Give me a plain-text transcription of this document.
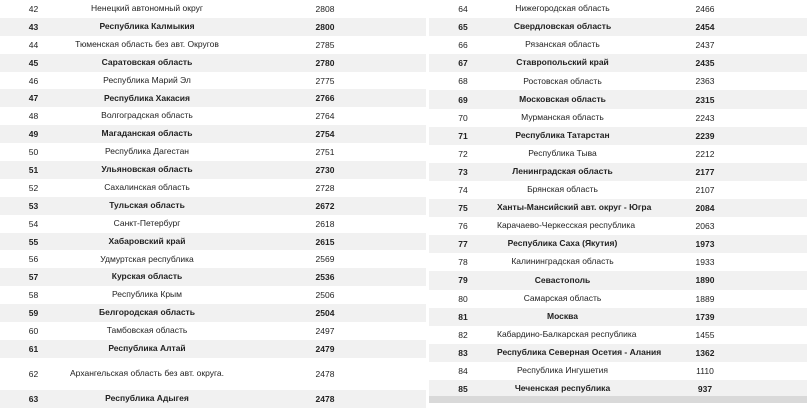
42	Ненецкий автономный округ	2808
43	Республика Калмыкия	2800
44	Тюменская область без авт. Округов	2785
45	Саратовская область	2780
46	Республика Марий Эл	2775
47	Республика Хакасия	2766
48	Волгоградская область	2764
49	Магаданская область	2754
50	Республика Дагестан	2751
51	Ульяновская область	2730
52	Сахалинская область	2728
53	Тульская область	2672
54	Санкт-Петербург	2618
55	Хабаровский край	2615
56	Удмуртская республика	2569
57	Курская область	2536
58	Республика Крым	2506
59	Белгородская область	2504
60	Тамбовская область	2497
61	Республика Алтай	2479
62	Архангельская область без авт. округа.	2478
63	Республика Адыгея	2478
64	Нижегородская область	2466
65	Свердловская область	2454
66	Рязанская область	2437
67	Ставропольский край	2435
68	Ростовская область	2363
69	Московская область	2315
70	Мурманская область	2243
71	Республика Татарстан	2239
72	Республика Тыва	2212
73	Ленинградская область	2177
74	Брянская область	2107
75	Ханты-Мансийский авт. округ - Югра	2084
76	Карачаево-Черкесская республика	2063
77	Республика Саха (Якутия)	1973
78	Калининградская область	1933
79	Севастополь	1890
80	Самарская область	1889
81	Москва	1739
82	Кабардино-Балкарская республика	1455
83	Республика Северная Осетия - Алания	1362
84	Республика Ингушетия	1110
85	Чеченская республика	937
